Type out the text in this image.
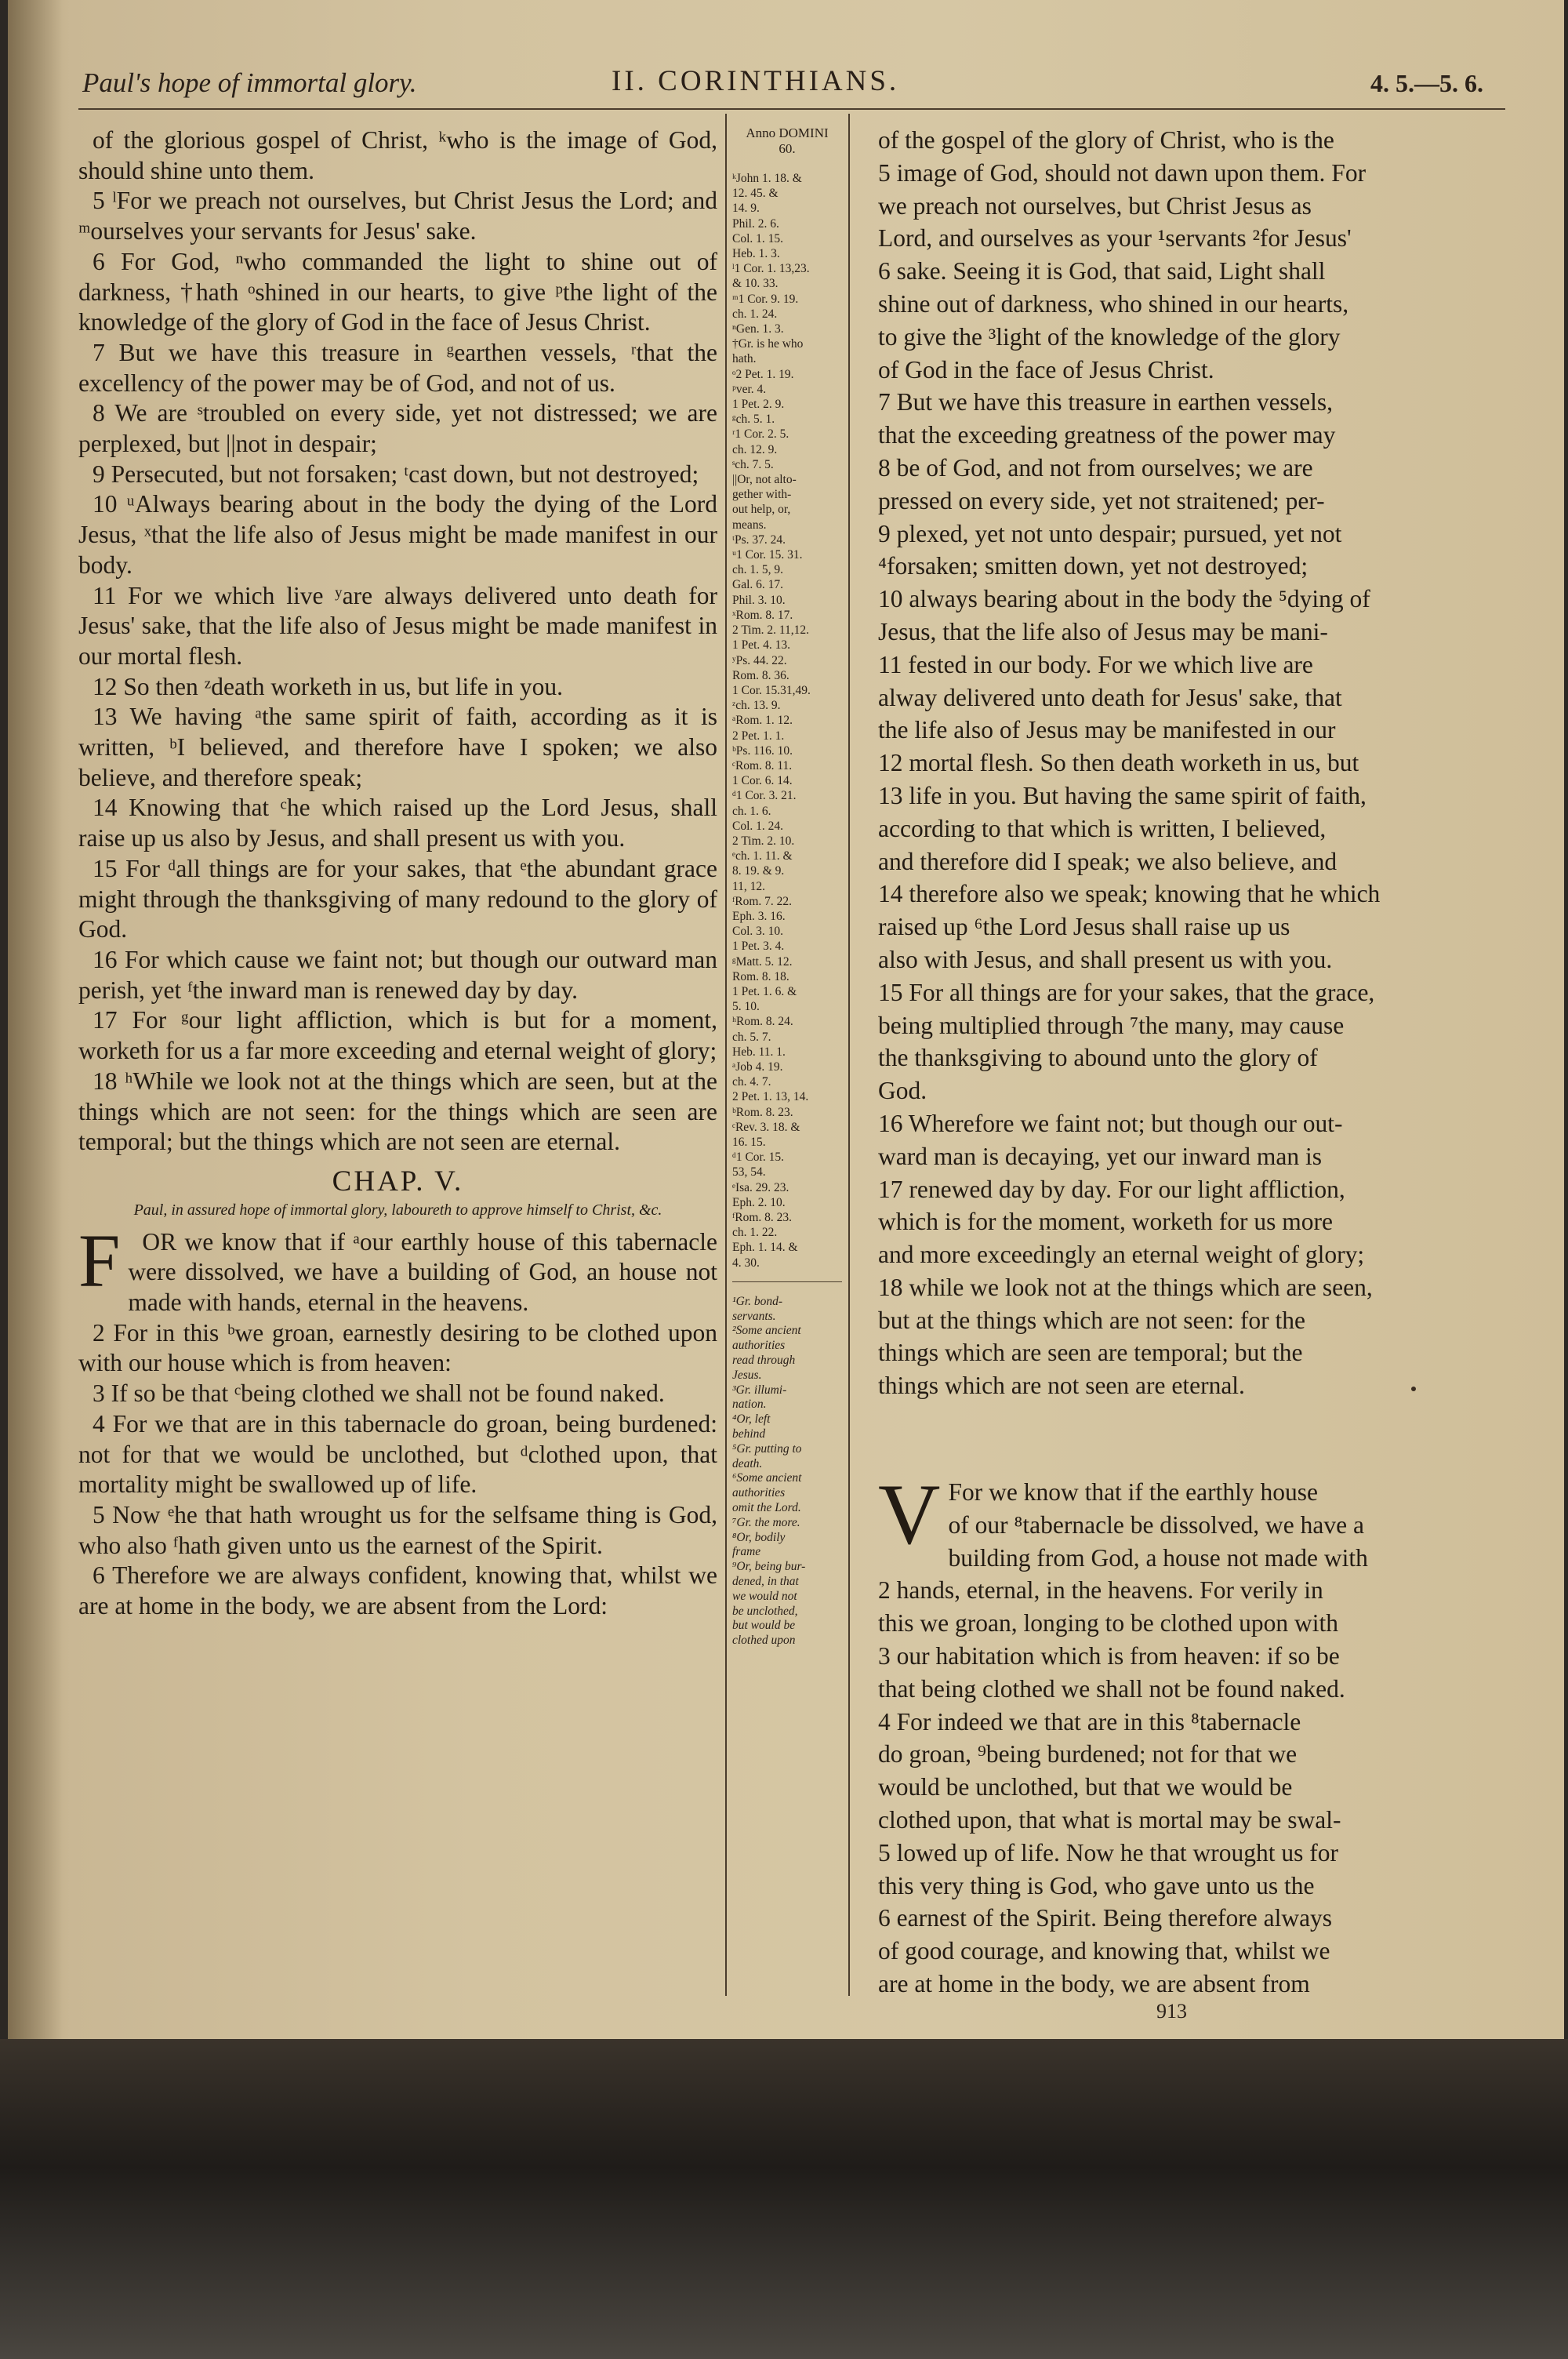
Paul's hope of immortal glory.	II. CORINTHIANS.	4. 5.—5. 6.

of the glorious gospel of Christ, ᵏwho is the image of God, should shine unto them.

5 ˡFor we preach not ourselves, but Christ Jesus the Lord; and ᵐourselves your servants for Jesus' sake.

6 For God, ⁿwho commanded the light to shine out of darkness, †hath ᵒshined in our hearts, to give ᵖthe light of the knowledge of the glory of God in the face of Jesus Christ.

7 But we have this treasure in ᵍearthen vessels, ʳthat the excellency of the power may be of God, and not of us.

8 We are ˢtroubled on every side, yet not distressed; we are perplexed, but ||not in despair;

9 Persecuted, but not forsaken; ᵗcast down, but not destroyed;

10 ᵘAlways bearing about in the body the dying of the Lord Jesus, ˣthat the life also of Jesus might be made manifest in our body.

11 For we which live ʸare always delivered unto death for Jesus' sake, that the life also of Jesus might be made manifest in our mortal flesh.

12 So then ᶻdeath worketh in us, but life in you.

13 We having ᵃthe same spirit of faith, according as it is written, ᵇI believed, and therefore have I spoken; we also believe, and therefore speak;

14 Knowing that ᶜhe which raised up the Lord Jesus, shall raise up us also by Jesus, and shall present us with you.

15 For ᵈall things are for your sakes, that ᵉthe abundant grace might through the thanksgiving of many redound to the glory of God.

16 For which cause we faint not; but though our outward man perish, yet ᶠthe inward man is renewed day by day.

17 For ᵍour light affliction, which is but for a moment, worketh for us a far more exceeding and eternal weight of glory;

18 ʰWhile we look not at the things which are seen, but at the things which are not seen: for the things which are seen are temporal; but the things which are not seen are eternal.

CHAP. V.

Paul, in assured hope of immortal glory, laboureth to approve himself to Christ, &c.

F OR we know that if ᵃour earthly house of this tabernacle were dissolved, we have a building of God, an house not made with hands, eternal in the heavens.

2 For in this ᵇwe groan, earnestly desiring to be clothed upon with our house which is from heaven:

3 If so be that ᶜbeing clothed we shall not be found naked.

4 For we that are in this tabernacle do groan, being burdened: not for that we would be unclothed, but ᵈclothed upon, that mortality might be swallowed up of life.

5 Now ᵉhe that hath wrought us for the selfsame thing is God, who also ᶠhath given unto us the earnest of the Spirit.

6 Therefore we are always confident, knowing that, whilst we are at home in the body, we are absent from the Lord:

Anno DOMINI
60.
ᵏJohn 1. 18. &
12. 45. &
14. 9.
Phil. 2. 6.
Col. 1. 15.
Heb. 1. 3.
ˡ1 Cor. 1. 13,23.
& 10. 33.
ᵐ1 Cor. 9. 19.
ch. 1. 24.
ⁿGen. 1. 3.
†Gr. is he who
hath.
ᵒ2 Pet. 1. 19.
ᵖver. 4.
1 Pet. 2. 9.
ᵍch. 5. 1.
ʳ1 Cor. 2. 5.
ch. 12. 9.
ˢch. 7. 5.
||Or, not alto-
gether with-
out help, or,
means.
ᵗPs. 37. 24.
ᵘ1 Cor. 15. 31.
ch. 1. 5, 9.
Gal. 6. 17.
Phil. 3. 10.
ˣRom. 8. 17.
2 Tim. 2. 11,12.
1 Pet. 4. 13.
ʸPs. 44. 22.
Rom. 8. 36.
1 Cor. 15.31,49.
ᶻch. 13. 9.
ᵃRom. 1. 12.
2 Pet. 1. 1.
ᵇPs. 116. 10.
ᶜRom. 8. 11.
1 Cor. 6. 14.
ᵈ1 Cor. 3. 21.
ch. 1. 6.
Col. 1. 24.
2 Tim. 2. 10.
ᵉch. 1. 11. &
8. 19. & 9.
11, 12.
ᶠRom. 7. 22.
Eph. 3. 16.
Col. 3. 10.
1 Pet. 3. 4.
ᵍMatt. 5. 12.
Rom. 8. 18.
1 Pet. 1. 6. &
5. 10.
ʰRom. 8. 24.
ch. 5. 7.
Heb. 11. 1.
ᵃJob 4. 19.
ch. 4. 7.
2 Pet. 1. 13, 14.
ᵇRom. 8. 23.
ᶜRev. 3. 18. &
16. 15.
ᵈ1 Cor. 15.
53, 54.
ᵉIsa. 29. 23.
Eph. 2. 10.
ᶠRom. 8. 23.
ch. 1. 22.
Eph. 1. 14. &
4. 30.
¹Gr. bond-
servants.
²Some ancient
authorities
read through
Jesus.
³Gr. illumi-
nation.
⁴Or, left
behind
⁵Gr. putting to
death.
⁶Some ancient
authorities
omit the Lord.
⁷Gr. the more.
⁸Or, bodily
frame
⁹Or, being bur-
dened, in that
we would not
be unclothed,
but would be
clothed upon

of the gospel of the glory of Christ, who is the

5 image of God, should not dawn upon them. For

we preach not ourselves, but Christ Jesus as

Lord, and ourselves as your ¹servants ²for Jesus'

6 sake. Seeing it is God, that said, Light shall

shine out of darkness, who shined in our hearts,

to give the ³light of the knowledge of the glory

of God in the face of Jesus Christ.

7 But we have this treasure in earthen vessels,

that the exceeding greatness of the power may

8 be of God, and not from ourselves; we are

pressed on every side, yet not straitened; per-

9 plexed, yet not unto despair; pursued, yet not

⁴forsaken; smitten down, yet not destroyed;

10 always bearing about in the body the ⁵dying of

Jesus, that the life also of Jesus may be mani-

11 fested in our body. For we which live are

alway delivered unto death for Jesus' sake, that

the life also of Jesus may be manifested in our

12 mortal flesh. So then death worketh in us, but

13 life in you. But having the same spirit of faith,

according to that which is written, I believed,

and therefore did I speak; we also believe, and

14 therefore also we speak; knowing that he which

raised up ⁶the Lord Jesus shall raise up us

also with Jesus, and shall present us with you.

15 For all things are for your sakes, that the grace,

being multiplied through ⁷the many, may cause

the thanksgiving to abound unto the glory of

God.

16 Wherefore we faint not; but though our out-

ward man is decaying, yet our inward man is

17 renewed day by day. For our light affliction,

which is for the moment, worketh for us more

and more exceedingly an eternal weight of glory;

18 while we look not at the things which are seen,

but at the things which are not seen: for the

things which are seen are temporal; but the

things which are not seen are eternal.

V For we know that if the earthly house

of our ⁸tabernacle be dissolved, we have a

building from God, a house not made with

2 hands, eternal, in the heavens. For verily in

this we groan, longing to be clothed upon with

3 our habitation which is from heaven: if so be

that being clothed we shall not be found naked.

4 For indeed we that are in this ⁸tabernacle

do groan, ⁹being burdened; not for that we

would be unclothed, but that we would be

clothed upon, that what is mortal may be swal-

5 lowed up of life. Now he that wrought us for

this very thing is God, who gave unto us the

6 earnest of the Spirit. Being therefore always

of good courage, and knowing that, whilst we

are at home in the body, we are absent from

913
